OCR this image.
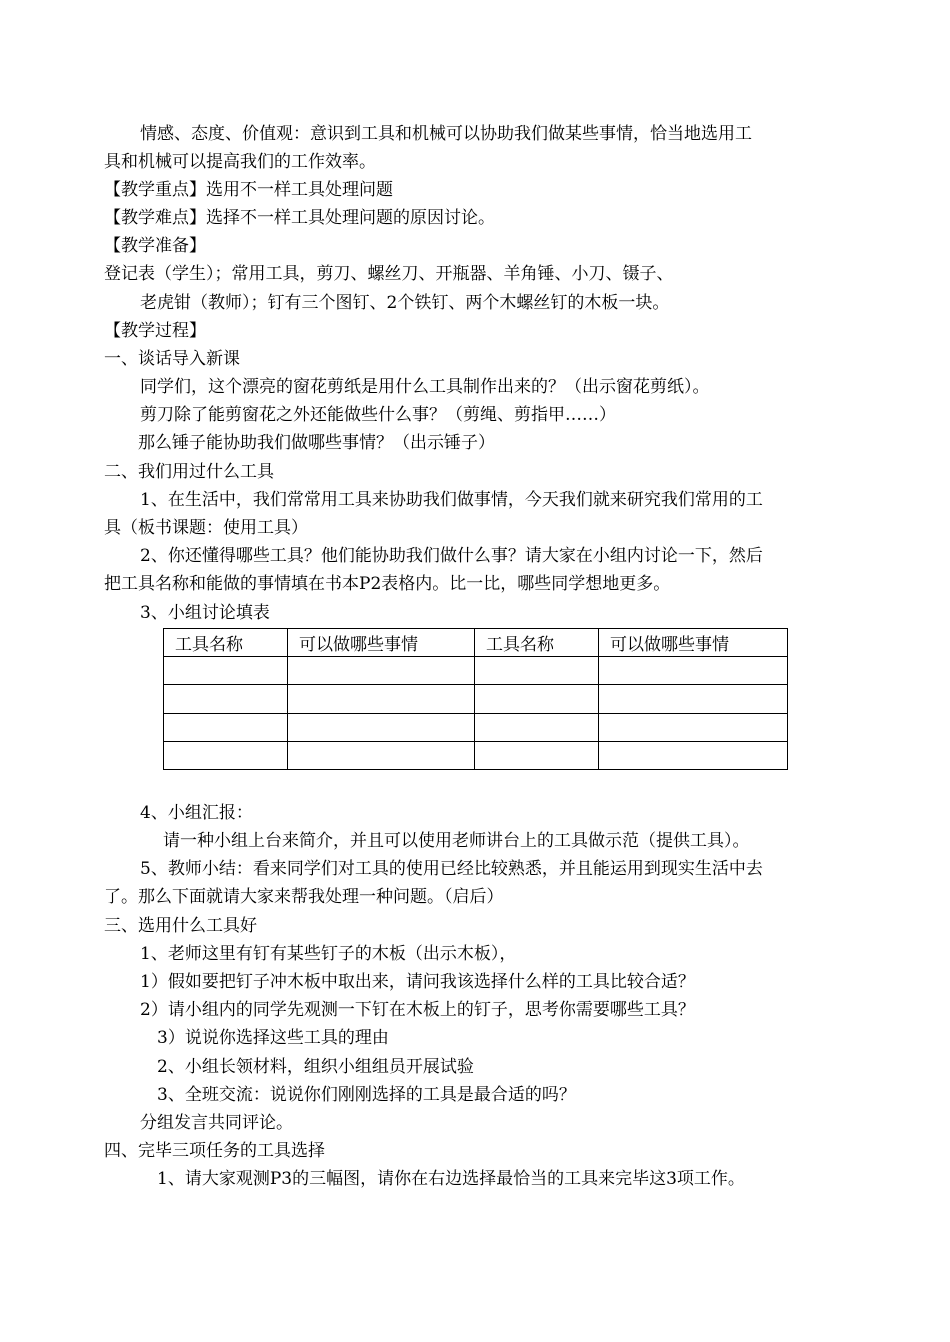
情感、态度、价值观：意识到工具和机械可以协助我们做某些事情，恰当地选用工
具和机械可以提高我们的工作效率。
【教学重点】选用不一样工具处理问题
【教学难点】选择不一样工具处理问题的原因讨论。
【教学准备】
登记表（学生）；常用工具，剪刀、螺丝刀、开瓶器、羊角锤、小刀、镊子、
老虎钳（教师）；钉有三个图钉、2个铁钉、两个木螺丝钉的木板一块。
【教学过程】
一、谈话导入新课
同学们，这个漂亮的窗花剪纸是用什么工具制作出来的？（出示窗花剪纸）。
剪刀除了能剪窗花之外还能做些什么事？（剪绳、剪指甲……）
那么锤子能协助我们做哪些事情？（出示锤子）
二、我们用过什么工具
1、在生活中，我们常常用工具来协助我们做事情，今天我们就来研究我们常用的工
具（板书课题：使用工具）
2、你还懂得哪些工具？他们能协助我们做什么事？请大家在小组内讨论一下，然后
把工具名称和能做的事情填在书本P2表格内。比一比，哪些同学想地更多。
3、小组讨论填表
工具名称	可以做哪些事情	工具名称	可以做哪些事情

4、小组汇报：
请一种小组上台来简介，并且可以使用老师讲台上的工具做示范（提供工具）。
5、教师小结：看来同学们对工具的使用已经比较熟悉，并且能运用到现实生活中去
了。那么下面就请大家来帮我处理一种问题。（启后）
三、选用什么工具好
1、老师这里有钉有某些钉子的木板（出示木板），
1）假如要把钉子冲木板中取出来，请问我该选择什么样的工具比较合适？
2）请小组内的同学先观测一下钉在木板上的钉子，思考你需要哪些工具？
3）说说你选择这些工具的理由
2、小组长领材料，组织小组组员开展试验
3、全班交流：说说你们刚刚选择的工具是最合适的吗？
分组发言共同评论。
四、完毕三项任务的工具选择
1、请大家观测P3的三幅图，请你在右边选择最恰当的工具来完毕这3项工作。
